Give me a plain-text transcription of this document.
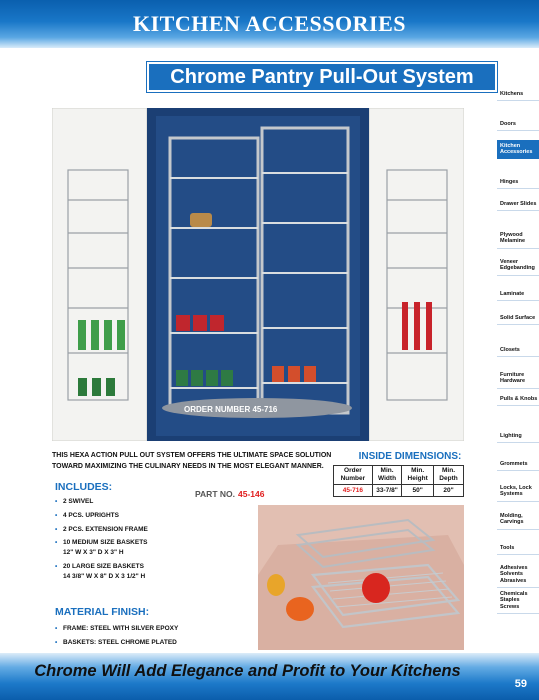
KITCHEN ACCESSORIES
Chrome Pantry Pull-Out System
Kitchens
Doors
Kitchen Accessories
Hinges
Drawer Slides
Plywood Melamine
Veneer Edgebanding
Laminate
Solid Surface
Closets
Furniture Hardware
Pulls & Knobs
Lighting
Grommets
Locks, Lock Systems
Molding, Carvings
Tools
Adhesives Solvents Abrasives
Chemicals Staples Screws
ORDER NUMBER 45-716
THIS HEXA ACTION PULL OUT SYSTEM OFFERS THE ULTIMATE SPACE SOLUTION TOWARD MAXIMIZING THE CULINARY NEEDS IN THE MOST ELEGANT MANNER.
INCLUDES:
• 2 SWIVEL
• 4 PCS. UPRIGHTS
• 2 PCS. EXTENSION FRAME
• 10 MEDIUM SIZE BASKETS
12" W X 3" D X 3" H
• 20 LARGE SIZE BASKETS
14 3/8" W X 8" D X 3 1/2" H
PART NO. 45-146
MATERIAL FINISH:
• FRAME: STEEL WITH SILVER EPOXY
• BASKETS: STEEL CHROME PLATED
INSIDE DIMENSIONS:
Order Number	Min. Width	Min. Height	Min. Depth
45-716	33-7/8"	50"	20"
Chrome Will Add Elegance and Profit to Your Kitchens
59
